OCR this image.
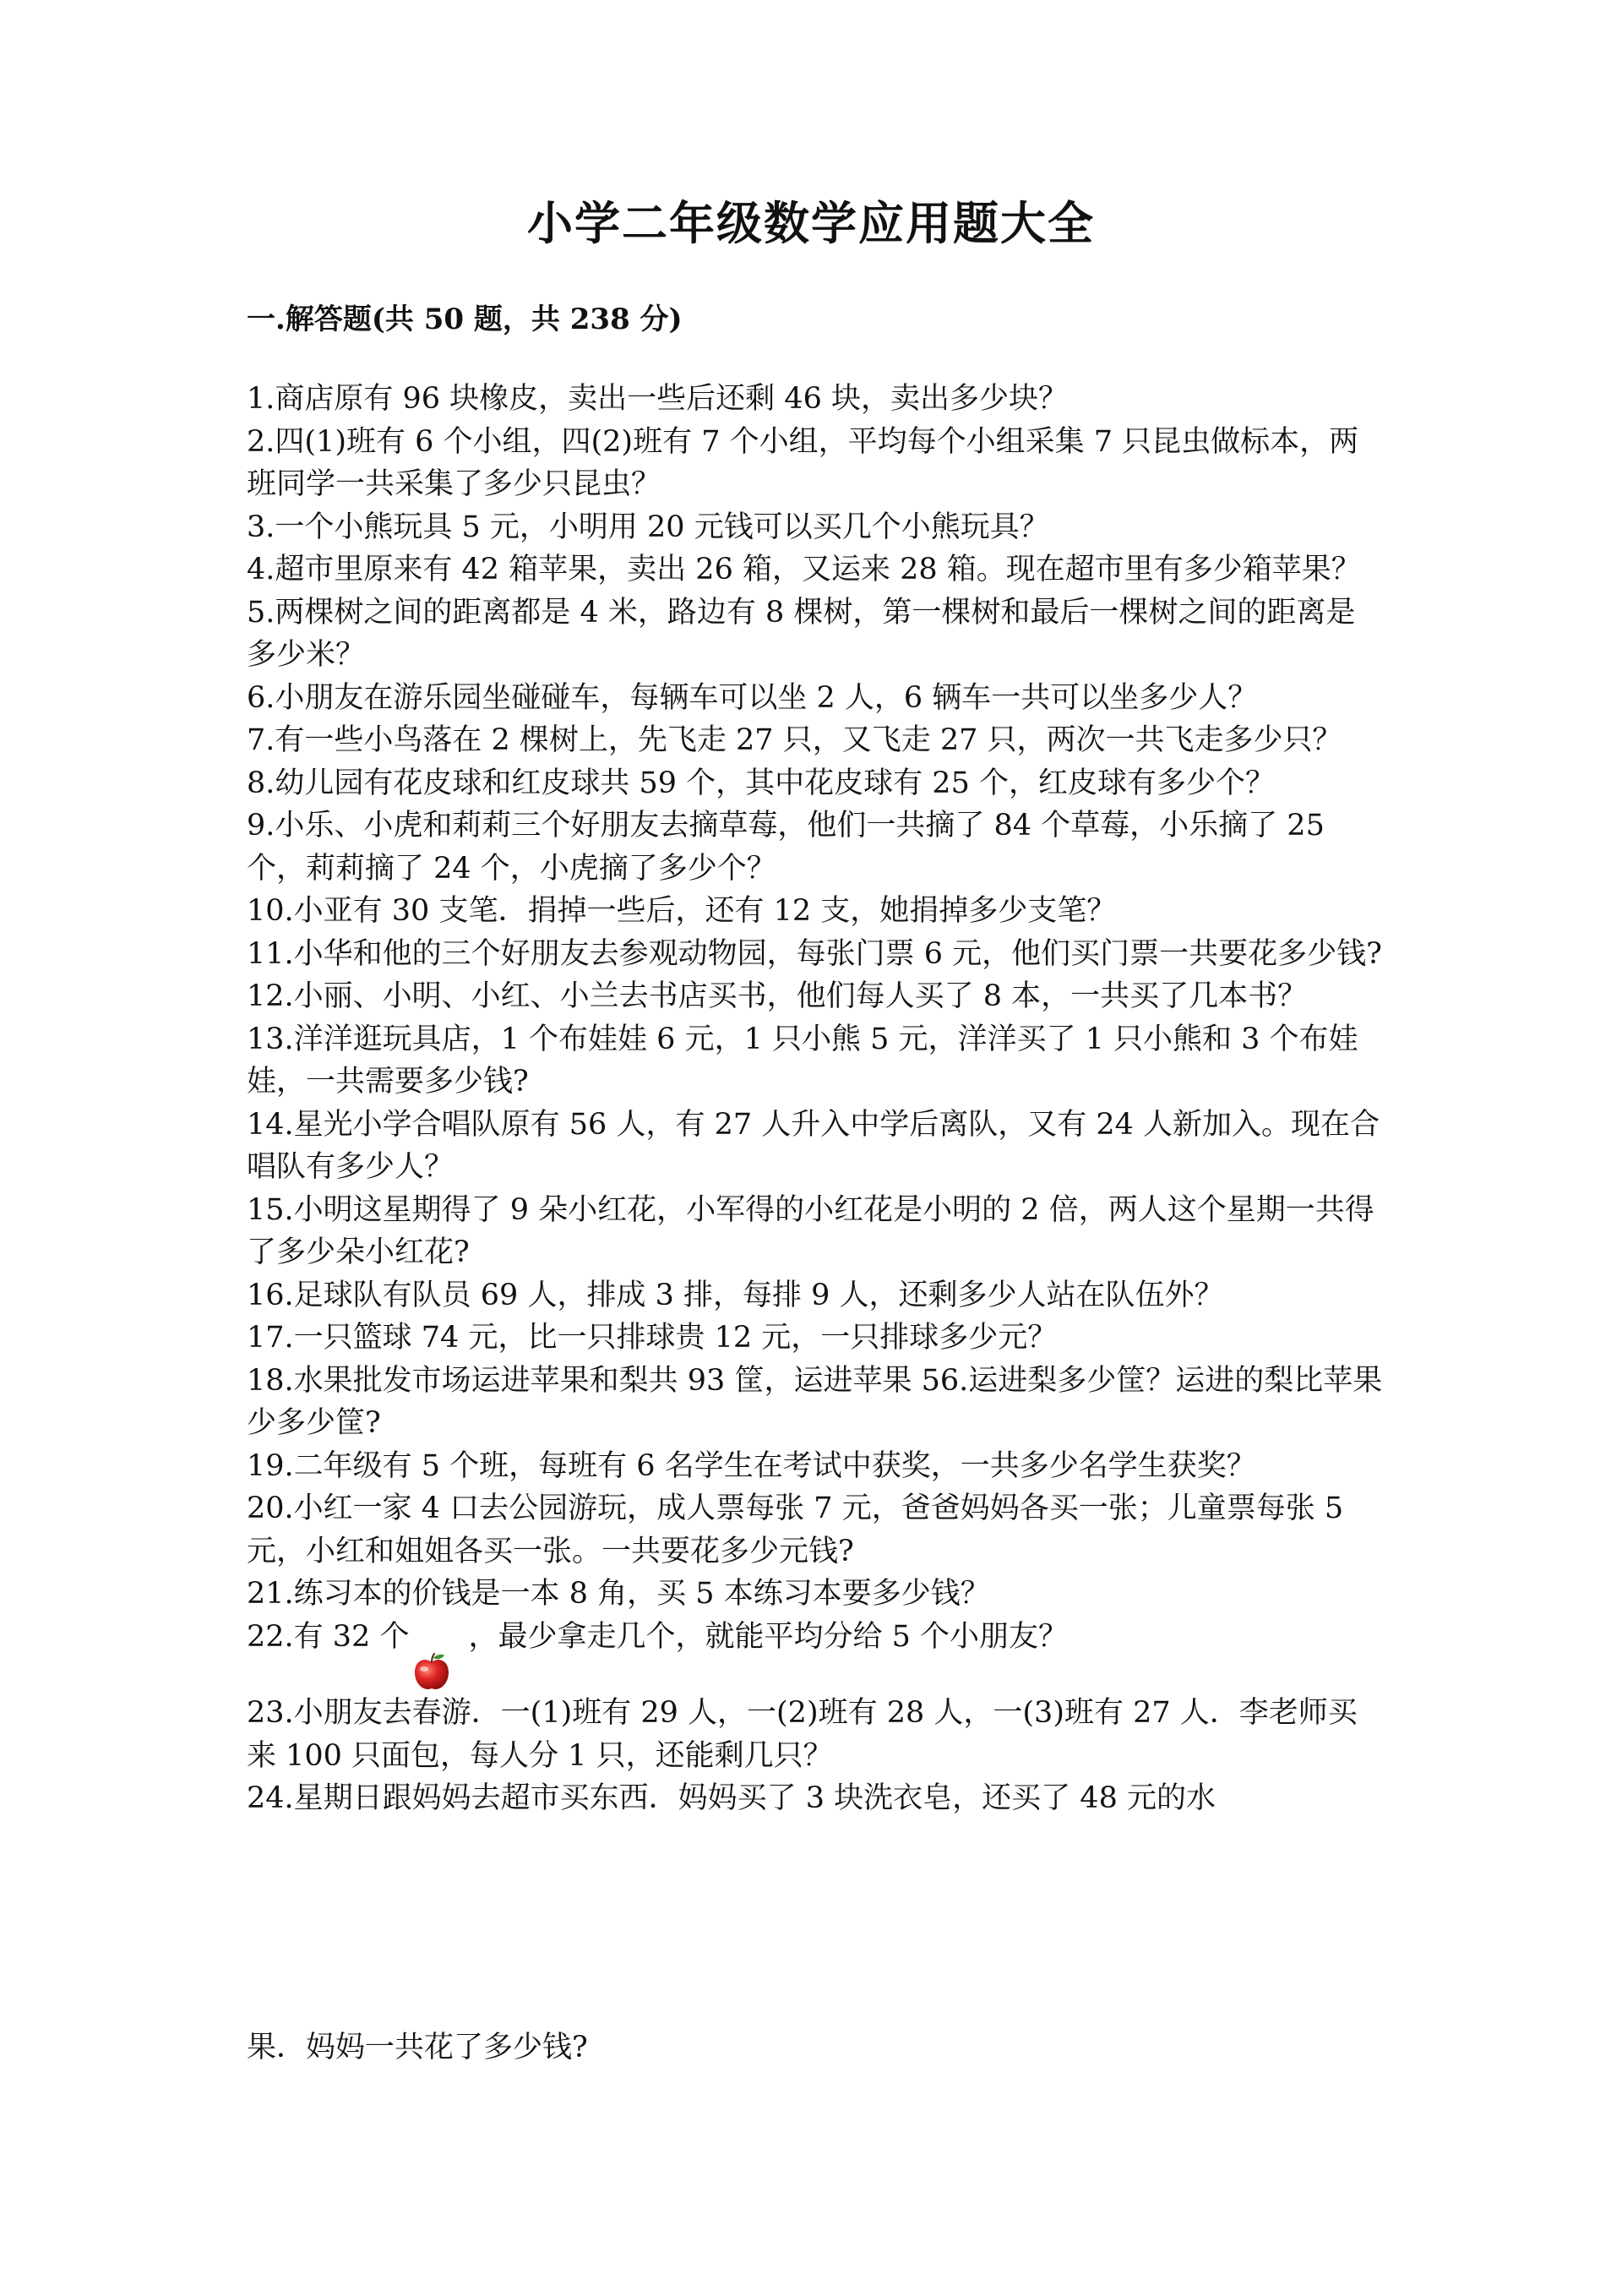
小学二年级数学应用题大全
一.解答题(共 50 题，共 238 分)
1.商店原有 96 块橡皮，卖出一些后还剩 46 块，卖出多少块？
2.四(1)班有 6 个小组，四(2)班有 7 个小组，平均每个小组采集 7 只昆虫做标本，两班同学一共采集了多少只昆虫？
3.一个小熊玩具 5 元，小明用 20 元钱可以买几个小熊玩具？
4.超市里原来有 42 箱苹果，卖出 26 箱，又运来 28 箱。现在超市里有多少箱苹果？
5.两棵树之间的距离都是 4 米，路边有 8 棵树，第一棵树和最后一棵树之间的距离是多少米？
6.小朋友在游乐园坐碰碰车，每辆车可以坐 2 人，6 辆车一共可以坐多少人？
7.有一些小鸟落在 2 棵树上，先飞走 27 只，又飞走 27 只，两次一共飞走多少只？
8.幼儿园有花皮球和红皮球共 59 个，其中花皮球有 25 个，红皮球有多少个？
9.小乐、小虎和莉莉三个好朋友去摘草莓，他们一共摘了 84 个草莓，小乐摘了 25 个，莉莉摘了 24 个，小虎摘了多少个？
10.小亚有 30 支笔．捐掉一些后，还有 12 支，她捐掉多少支笔？
11.小华和他的三个好朋友去参观动物园，每张门票 6 元，他们买门票一共要花多少钱?
12.小丽、小明、小红、小兰去书店买书，他们每人买了 8 本，一共买了几本书？
13.洋洋逛玩具店，1 个布娃娃 6 元，1 只小熊 5 元，洋洋买了 1 只小熊和 3 个布娃娃，一共需要多少钱?
14.星光小学合唱队原有 56 人，有 27 人升入中学后离队，又有 24 人新加入。现在合唱队有多少人？
15.小明这星期得了 9 朵小红花，小军得的小红花是小明的 2 倍，两人这个星期一共得了多少朵小红花?
16.足球队有队员 69 人，排成 3 排，每排 9 人，还剩多少人站在队伍外？
17.一只篮球 74 元，比一只排球贵 12 元，一只排球多少元？
18.水果批发市场运进苹果和梨共 93 筐，运进苹果 56.运进梨多少筐？运进的梨比苹果少多少筐?
19.二年级有 5 个班，每班有 6 名学生在考试中获奖，一共多少名学生获奖？
20.小红一家 4 口去公园游玩，成人票每张 7 元，爸爸妈妈各买一张；儿童票每张 5 元，小红和姐姐各买一张。一共要花多少元钱?
21.练习本的价钱是一本 8 角，买 5 本练习本要多少钱？
22.有 32 个 ，最少拿走几个，就能平均分给 5 个小朋友？
23.小朋友去春游．一(1)班有 29 人，一(2)班有 28 人，一(3)班有 27 人．李老师买来 100 只面包，每人分 1 只，还能剩几只？
24.星期日跟妈妈去超市买东西．妈妈买了 3 块洗衣皂，还买了 48 元的水

果．妈妈一共花了多少钱?
